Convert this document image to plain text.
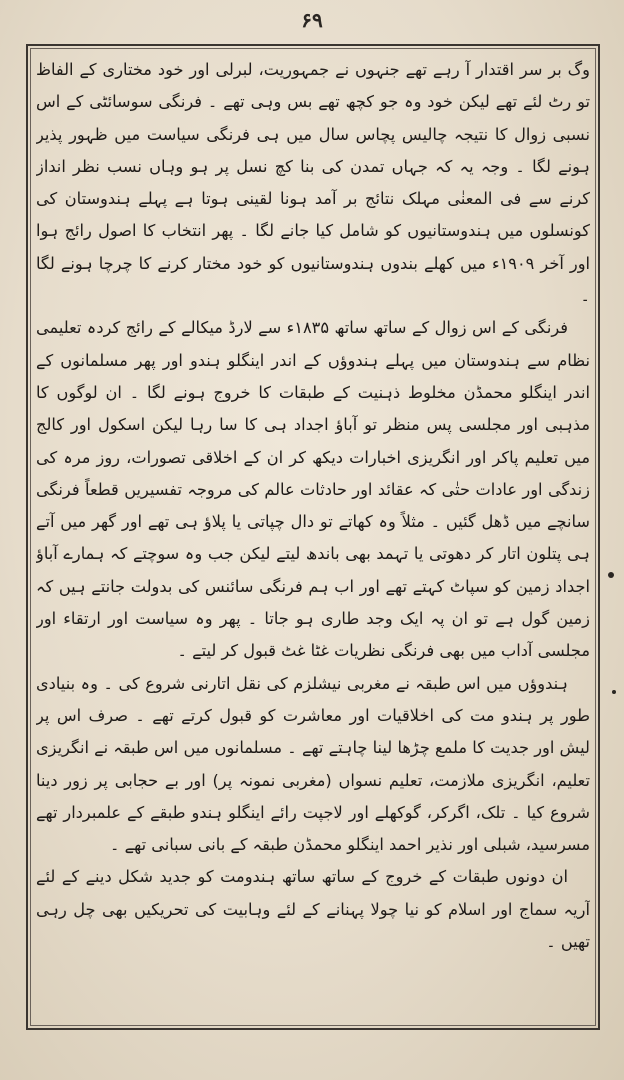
۶۹

وگ بر سر اقتدار آ رہے تھے جنہوں نے جمہوریت، لبرلی اور خود مختاری کے الفاظ تو رٹ لئے تھے لیکن خود وہ جو کچھ تھے بس وہی تھے ۔ فرنگی سوسائٹی کے اس نسبی زوال کا نتیجہ چالیس پچاس سال میں ہی فرنگی سیاست میں ظہور پذیر ہونے لگا ۔ وجہ یہ کہ جہاں تمدن کی بنا کچ نسل پر ہو وہاں نسب نظر انداز کرنے سے فی المعنٰی مہلک نتائج بر آمد ہونا لقینی ہوتا ہے پہلے ہندوستان کی کونسلوں میں ہندوستانیوں کو شامل کیا جانے لگا ۔ پھر انتخاب کا اصول رائج ہوا اور آخر ۱۹۰۹ء میں کھلے بندوں ہندوستانیوں کو خود مختار کرنے کا چرچا ہونے لگا ۔

فرنگی کے اس زوال کے ساتھ ساتھ ۱۸۳۵ء سے لارڈ میکالے کے رائج کردہ تعلیمی نظام سے ہندوستان میں پہلے ہندوؤں کے اندر اینگلو ہندو اور پھر مسلمانوں کے اندر اینگلو محمڈن مخلوط ذہنیت کے طبقات کا خروج ہونے لگا ۔ ان لوگوں کا مذہبی اور مجلسی پس منظر تو آباؤ اجداد ہی کا سا رہا لیکن اسکول اور کالج میں تعلیم پاکر اور انگریزی اخبارات دیکھ کر ان کے اخلاقی تصورات، روز مرہ کی زندگی اور عادات حتٰی کہ عقائد اور حادثات عالم کی مروجہ تفسیریں قطعاً فرنگی سانچے میں ڈھل گئیں ۔ مثلاً وہ کھاتے تو دال چپاتی یا پلاؤ ہی تھے اور گھر میں آتے ہی پتلون اتار کر دھوتی یا تہمد بھی باندھ لیتے لیکن جب وہ سوچتے کہ ہمارے آباؤ اجداد زمین کو سپاٹ کہتے تھے اور اب ہم فرنگی سائنس کی بدولت جانتے ہیں کہ زمین گول ہے تو ان پہ ایک وجد طاری ہو جاتا ۔ پھر وہ سیاست اور ارتقاء اور مجلسی آداب میں بھی فرنگی نظریات غٹا غٹ قبول کر لیتے ۔

ہندوؤں میں اس طبقہ نے مغربی نیشلزم کی نقل اتارنی شروع کی ۔ وہ بنیادی طور پر ہندو مت کی اخلاقیات اور معاشرت کو قبول کرتے تھے ۔ صرف اس پر لیش اور جدیت کا ملمع چڑھا لینا چاہتے تھے ۔ مسلمانوں میں اس طبقہ نے انگریزی تعلیم، انگریزی ملازمت، تعلیم نسواں (مغربی نمونہ پر) اور بے حجابی پر زور دینا شروع کیا ۔ تلک، اگرکر، گوکھلے اور لاجپت رائے اینگلو ہندو طبقے کے علمبردار تھے مسرسید، شبلی اور نذیر احمد اینگلو محمڈن طبقہ کے بانی سبانی تھے ۔

ان دونوں طبقات کے خروج کے ساتھ ساتھ ہندومت کو جدید شکل دینے کے لئے آریہ سماج اور اسلام کو نیا چولا پہنانے کے لئے وہابیت کی تحریکیں بھی چل رہی تھیں ۔
